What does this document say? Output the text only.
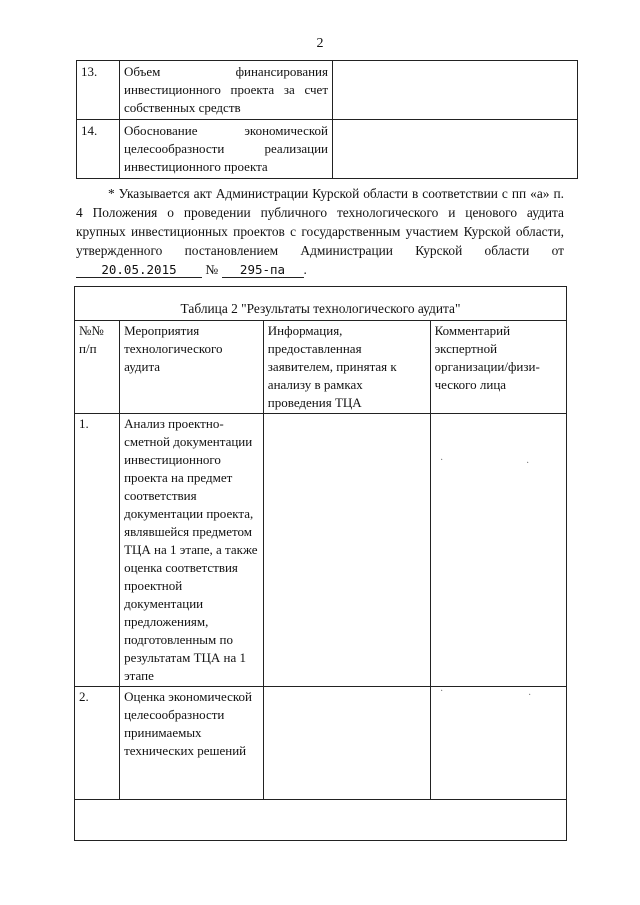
2
13.	Объем финансирования инвестиционного проекта за счет собственных средств	
14.	Обоснование экономической целесообразности реализации инвестиционного проекта	
* Указывается акт Администрации Курской области в соответствии с пп «а» п. 4 Положения о проведении публичного технологического и ценового аудита крупных инвестиционных проектов с государственным участием Курской области, утвержденного постановлением Администрации Курской области от 20.05.2015 № 295-па .
Таблица 2 "Результаты технологического аудита"
№№ п/п	Мероприятия технологического аудита	Информация, предоставленная заявителем, принятая к анализу в рамках проведения ТЦА	Комментарий экспертной организации/физи-ческого лица
1.	Анализ проектно-сметной документации инвестиционного проекта на предмет соответствия документации проекта, являвшейся предметом ТЦА на 1 этапе, а также оценка соответствия проектной документации предложениям, подготовленным по результатам ТЦА на 1 этапе		
2.	Оценка экономической целесообразности принимаемых технических решений		
·	·
·	·
